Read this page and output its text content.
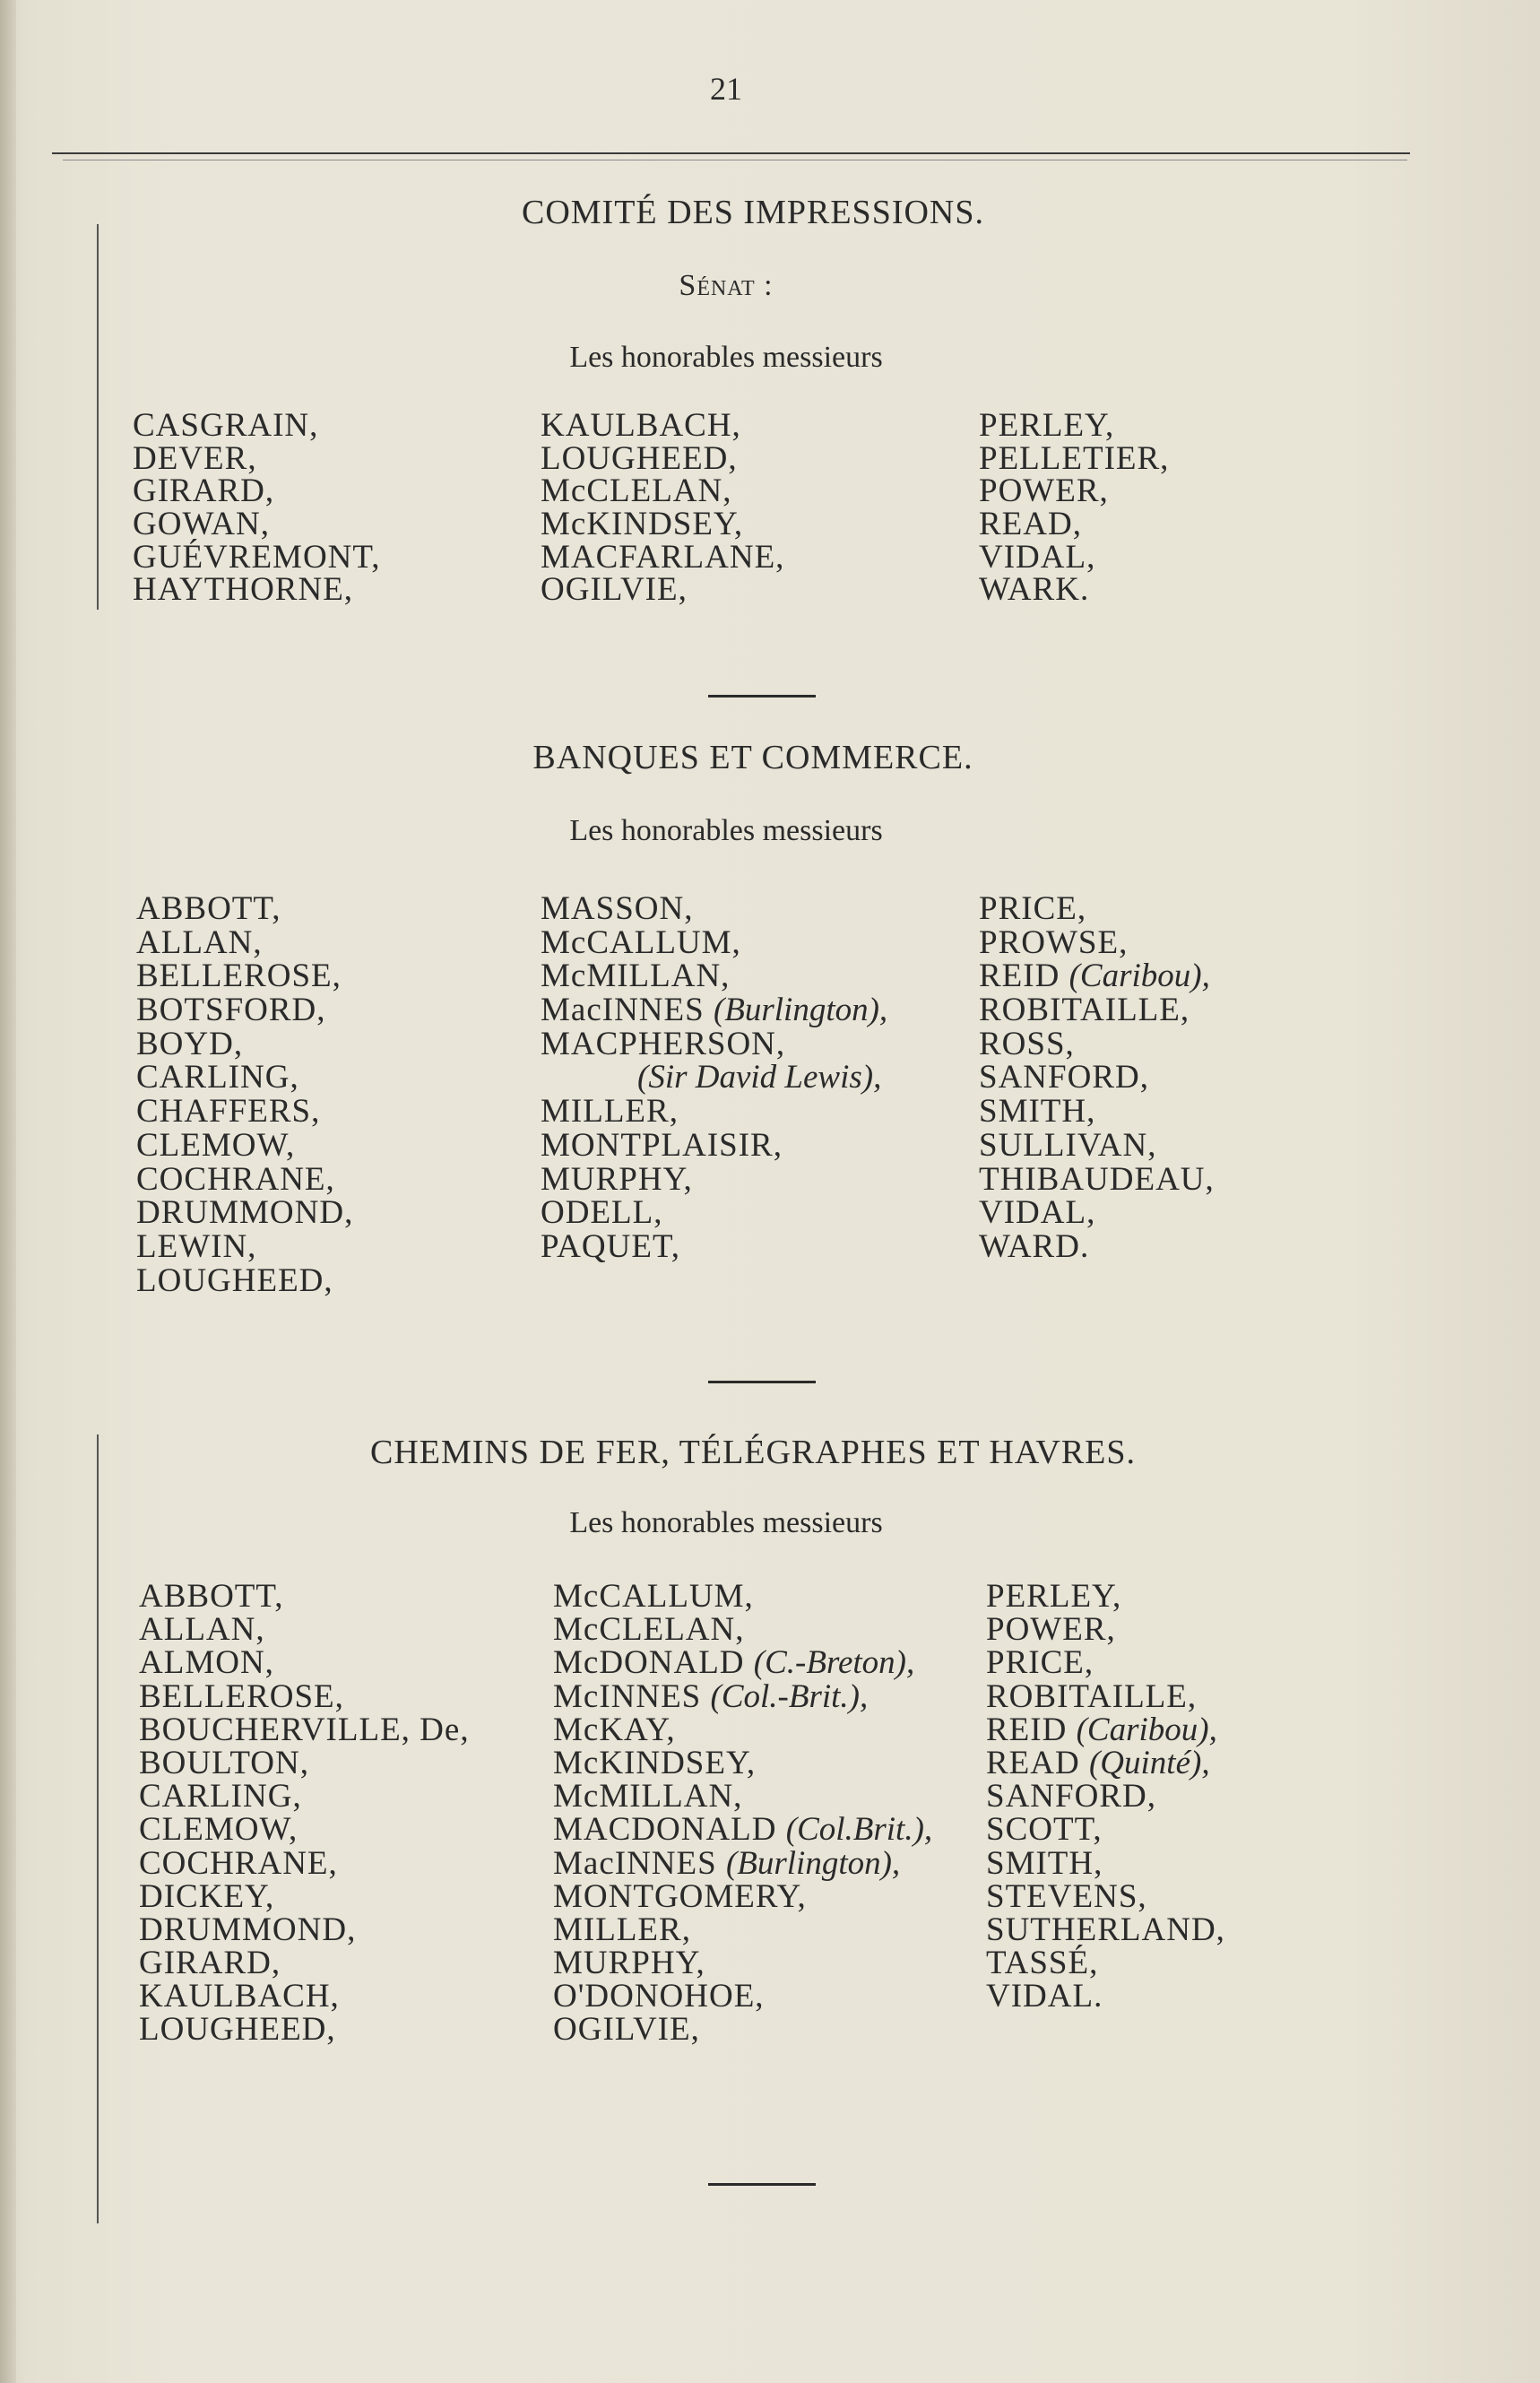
21
COMITÉ DES IMPRESSIONS.
Sénat :
Les honorables messieurs
CASGRAIN,
DEVER,
GIRARD,
GOWAN,
GUÉVREMONT,
HAYTHORNE,
KAULBACH,
LOUGHEED,
McCLELAN,
McKINDSEY,
MACFARLANE,
OGILVIE,
PERLEY,
PELLETIER,
POWER,
READ,
VIDAL,
WARK.
BANQUES ET COMMERCE.
Les honorables messieurs
ABBOTT,
ALLAN,
BELLEROSE,
BOTSFORD,
BOYD,
CARLING,
CHAFFERS,
CLEMOW,
COCHRANE,
DRUMMOND,
LEWIN,
LOUGHEED,
MASSON,
McCALLUM,
McMILLAN,
MacINNES (Burlington),
MACPHERSON,
(Sir David Lewis),
MILLER,
MONTPLAISIR,
MURPHY,
ODELL,
PAQUET,
PRICE,
PROWSE,
REID (Caribou),
ROBITAILLE,
ROSS,
SANFORD,
SMITH,
SULLIVAN,
THIBAUDEAU,
VIDAL,
WARD.
CHEMINS DE FER, TÉLÉGRAPHES ET HAVRES.
Les honorables messieurs
ABBOTT,
ALLAN,
ALMON,
BELLEROSE,
BOUCHERVILLE, De,
BOULTON,
CARLING,
CLEMOW,
COCHRANE,
DICKEY,
DRUMMOND,
GIRARD,
KAULBACH,
LOUGHEED,
McCALLUM,
McCLELAN,
McDONALD (C.-Breton),
McINNES (Col.-Brit.),
McKAY,
McKINDSEY,
McMILLAN,
MACDONALD (Col.Brit.),
MacINNES (Burlington),
MONTGOMERY,
MILLER,
MURPHY,
O'DONOHOE,
OGILVIE,
PERLEY,
POWER,
PRICE,
ROBITAILLE,
REID (Caribou),
READ (Quinté),
SANFORD,
SCOTT,
SMITH,
STEVENS,
SUTHERLAND,
TASSÉ,
VIDAL.
